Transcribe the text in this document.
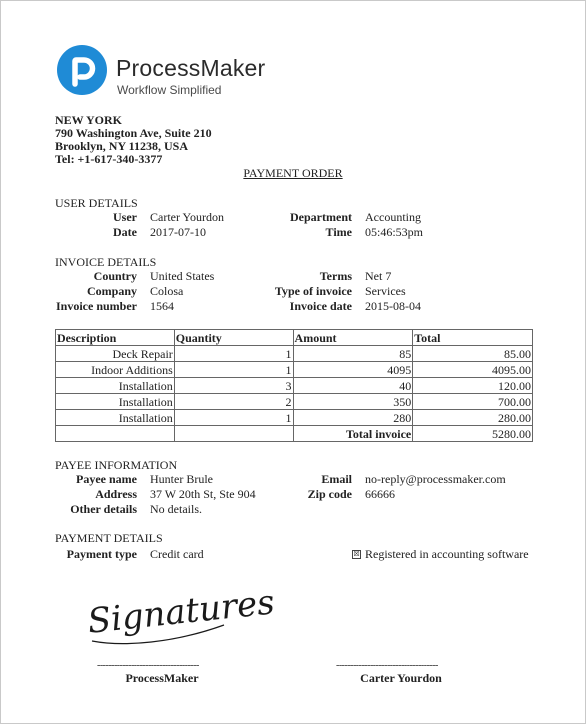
ProcessMaker
Workflow Simplified
NEW YORK
790 Washington Ave, Suite 210
Brooklyn, NY 11238, USA
Tel: +1-617-340-3377
PAYMENT ORDER
USER DETAILS
User Carter Yourdon
Date 2017-07-10
Department Accounting
Time 05:46:53pm
INVOICE DETAILS
Country United States
Company Colosa
Invoice number 1564
Terms Net 7
Type of invoice Services
Invoice date 2015-08-04
Description	Quantity	Amount	Total
Deck Repair	1	85	85.00
Indoor Additions	1	4095	4095.00
Installation	3	40	120.00
Installation	2	350	700.00
Installation	1	280	280.00
		Total invoice	5280.00
PAYEE INFORMATION
Payee name Hunter Brule
Address 37 W 20th St, Ste 904
Other details No details.
Email no-reply@processmaker.com
Zip code 66666
PAYMENT DETAILS
Payment type Credit card	☒ Registered in accounting software
Signatures
------------------------------------	------------------------------------
ProcessMaker	Carter Yourdon
